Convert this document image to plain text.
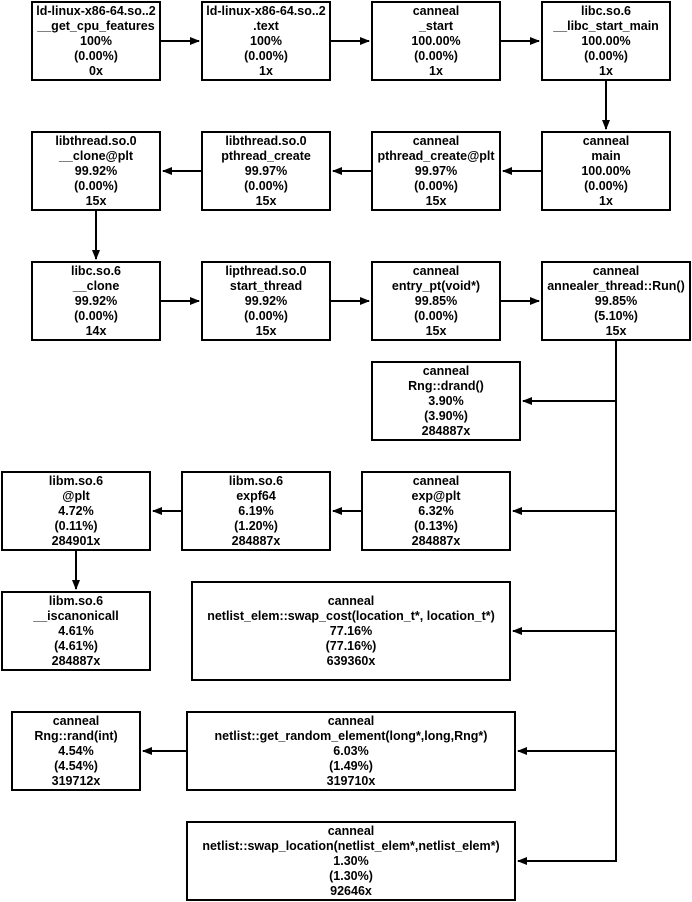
ld-linux-x86-64.so..2
__get_cpu_features
100%
(0.00%)
0x
ld-linux-x86-64.so..2
.text
100%
(0.00%)
1x
canneal
_start
100.00%
(0.00%)
1x
libc.so.6
__libc_start_main
100.00%
(0.00%)
1x
libthread.so.0
__clone@plt
99.92%
(0.00%)
15x
libthread.so.0
pthread_create
99.97%
(0.00%)
15x
canneal
pthread_create@plt
99.97%
(0.00%)
15x
canneal
main
100.00%
(0.00%)
1x
libc.so.6
__clone
99.92%
(0.00%)
14x
lipthread.so.0
start_thread
99.92%
(0.00%)
15x
canneal
entry_pt(void*)
99.85%
(0.00%)
15x
canneal
annealer_thread::Run()
99.85%
(5.10%)
15x
canneal
Rng::drand()
3.90%
(3.90%)
284887x
libm.so.6
@plt
4.72%
(0.11%)
284901x
libm.so.6
expf64
6.19%
(1.20%)
284887x
canneal
exp@plt
6.32%
(0.13%)
284887x
libm.so.6
__iscanonicall
4.61%
(4.61%)
284887x
canneal
netlist_elem::swap_cost(location_t*, location_t*)
77.16%
(77.16%)
639360x
canneal
Rng::rand(int)
4.54%
(4.54%)
319712x
canneal
netlist::get_random_element(long*,long,Rng*)
6.03%
(1.49%)
319710x
canneal
netlist::swap_location(netlist_elem*,netlist_elem*)
1.30%
(1.30%)
92646x
